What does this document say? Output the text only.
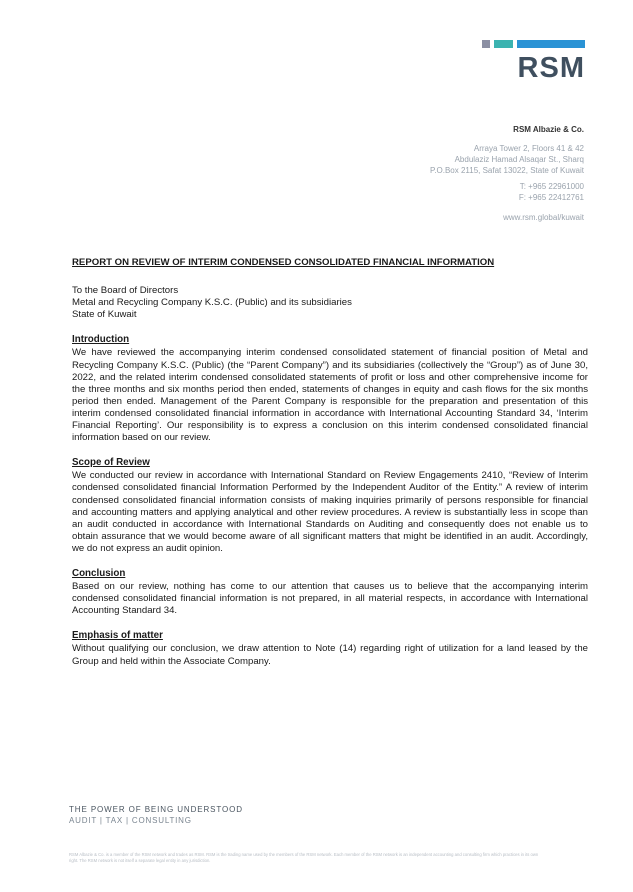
RSM
RSM Albazie & Co.
Arraya Tower 2, Floors 41 & 42
Abdulaziz Hamad Alsaqar St., Sharq
P.O.Box 2115, Safat 13022, State of Kuwait
T: +965 22961000
F: +965 22412761
www.rsm.global/kuwait
REPORT ON REVIEW OF INTERIM CONDENSED CONSOLIDATED FINANCIAL INFORMATION
To the Board of Directors
Metal and Recycling Company K.S.C. (Public) and its subsidiaries
State of Kuwait
Introduction

We have reviewed the accompanying interim condensed consolidated statement of financial position of Metal and Recycling Company K.S.C. (Public) (the “Parent Company”) and its subsidiaries (collectively the “Group”) as of June 30, 2022, and the related interim condensed consolidated statements of profit or loss and other comprehensive income for the three months and six months period then ended, statements of changes in equity and cash flows for the six months period then ended. Management of the Parent Company is responsible for the preparation and presentation of this interim condensed consolidated financial information in accordance with International Accounting Standard 34, ‘Interim Financial Reporting’. Our responsibility is to express a conclusion on this interim condensed consolidated financial information based on our review.

Scope of Review

We conducted our review in accordance with International Standard on Review Engagements 2410, “Review of Interim condensed consolidated financial Information Performed by the Independent Auditor of the Entity.” A review of interim condensed consolidated financial information consists of making inquiries primarily of persons responsible for financial and accounting matters and applying analytical and other review procedures. A review is substantially less in scope than an audit conducted in accordance with International Standards on Auditing and consequently does not enable us to obtain assurance that we would become aware of all significant matters that might be identified in an audit. Accordingly, we do not express an audit opinion.

Conclusion

Based on our review, nothing has come to our attention that causes us to believe that the accompanying interim condensed consolidated financial information is not prepared, in all material respects, in accordance with International Accounting Standard 34.

Emphasis of matter

Without qualifying our conclusion, we draw attention to Note (14) regarding right of utilization for a land leased by the Group and held within the Associate Company.

THE POWER OF BEING UNDERSTOOD
AUDIT | TAX | CONSULTING
RSM Albazie & Co. is a member of the RSM network and trades as RSM. RSM is the trading name used by the members of the RSM network. Each member of the RSM network is an independent accounting and consulting firm which practices in its own right. The RSM network is not itself a separate legal entity in any jurisdiction.
